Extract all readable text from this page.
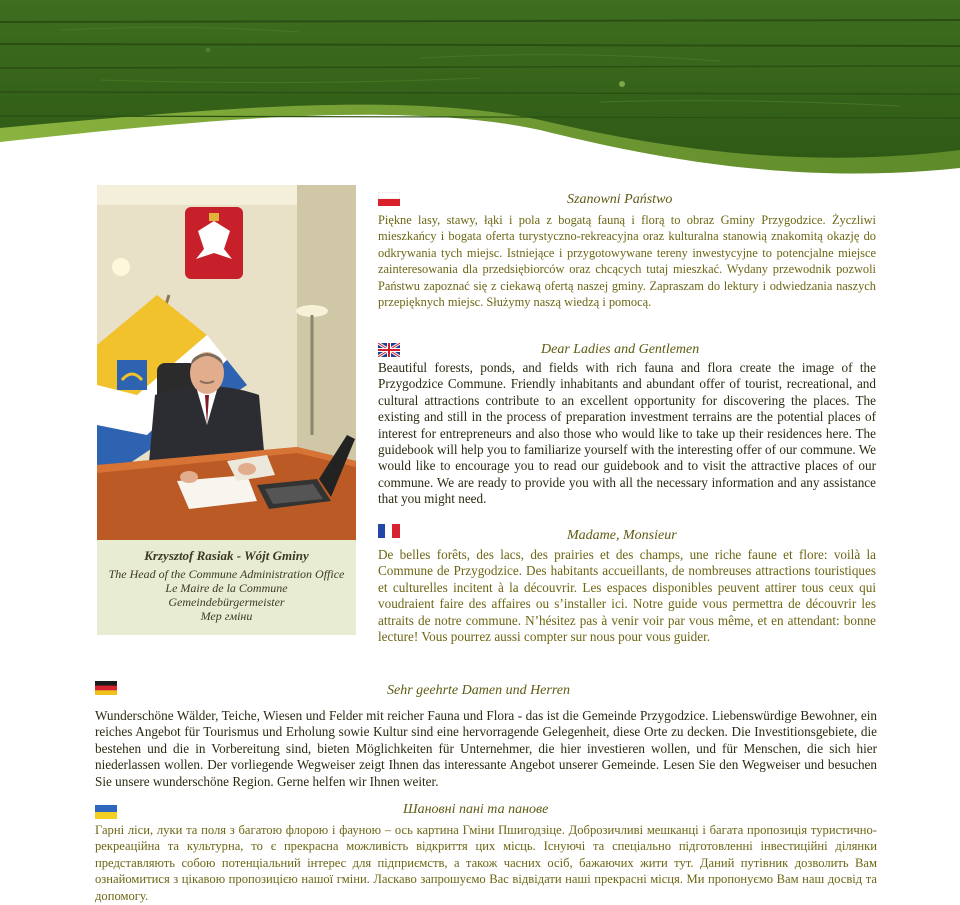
Krzysztof Rasiak - Wójt Gminy
The Head of the Commune Administration Office
Le Maire de la Commune
Gemeindebürgermeister
Мер гміни
Szanowni Państwo

Piękne lasy, stawy, łąki i pola z bogatą fauną i florą to obraz Gminy Przygodzice. Życzliwi mieszkańcy i bogata oferta turystyczno-rekreacyjna oraz kulturalna stanowią znakomitą okazję do odkrywania tych miejsc. Istniejące i przygotowywane tereny inwestycyjne to potencjalne miejsce zainteresowania dla przedsiębiorców oraz chcących tutaj mieszkać. Wydany przewodnik pozwoli Państwu zapoznać się z ciekawą ofertą naszej gminy. Zapraszam do lektury i odwiedzania naszych przepięknych miejsc. Służymy naszą wiedzą i pomocą.

Dear Ladies and Gentlemen

Beautiful forests, ponds, and fields with rich fauna and flora create the image of the Przygodzice Commune. Friendly inhabitants and abundant offer of tourist, recreational, and cultural attractions contribute to an excellent opportunity for discovering the places. The existing and still in the process of preparation investment terrains are the potential places of interest for entrepreneurs and also those who would like to take up their residences here. The guidebook will help you to familiarize yourself with the interesting offer of our commune. We would like to encourage you to read our guidebook and to visit the attractive places of our commune. We are ready to provide you with all the necessary information and any assistance that you might need.

Madame, Monsieur

De belles forêts, des lacs, des prairies et des champs, une riche faune et flore: voilà la Commune de Przygodzice. Des habitants accueillants, de nombreuses attractions touristiques et culturelles incitent à la découvrir. Les espaces disponibles peuvent attirer tous ceux qui voudraient faire des affaires ou s’installer ici. Notre guide vous permettra de découvrir les attraits de notre commune. N’hésitez pas à venir voir par vous même, et en attendant: bonne lecture! Vous pourrez aussi compter sur nous pour vous guider.

Sehr geehrte Damen und Herren

Wunderschöne Wälder, Teiche, Wiesen und Felder mit reicher Fauna und Flora - das ist die Gemeinde Przygodzice. Liebenswürdige Bewohner, ein reiches Angebot für Tourismus und Erholung sowie Kultur sind eine hervorragende Gelegenheit, diese Orte zu decken. Die Investitionsgebiete, die bestehen und die in Vorbereitung sind, bieten Möglichkeiten für Unternehmer, die hier investieren wollen, und für Menschen, die sich hier niederlassen wollen. Der vorliegende Wegweiser zeigt Ihnen das interessante Angebot unserer Gemeinde. Lesen Sie den Wegweiser und besuchen Sie unsere wunderschöne Region. Gerne helfen wir Ihnen weiter.

Шановні пані та панове

Гарні ліси, луки та поля з багатою флорою і фауною – ось картина Гміни Пшигодзіце. Доброзичливі мешканці і багата пропозиція туристично-рекреаційна та культурна, то є прекрасна можливість відкриття цих місць. Існуючі та спеціально підготовленні інвестиційні ділянки представляють собою потенціальний інтерес для підприємств, а також часних осіб, бажаючих жити тут. Даний путівник дозволить Вам ознайомитися з цікавою пропозицією нашої гміни. Ласкаво запрошуємо Вас відвідати наші прекрасні місця. Ми пропонуємо Вам наш досвід та допомогу.
